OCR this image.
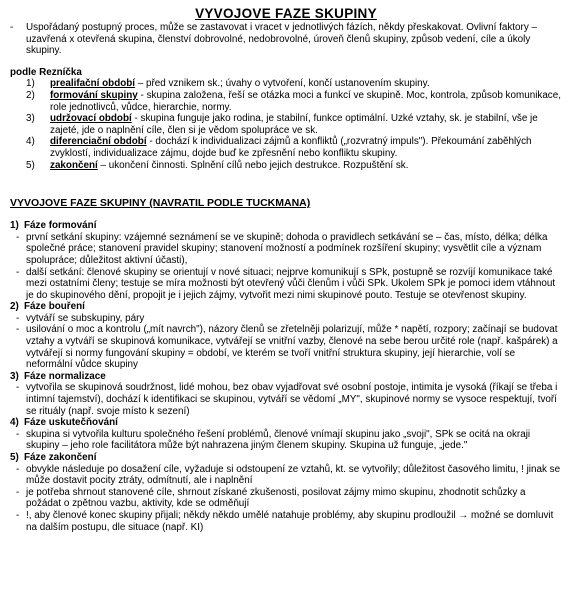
VYVOJOVE FAZE SKUPINY
-	Uspořádaný postupný proces, může se zastavovat i vracet v jednotlivých fázích, někdy přeskakovat. Ovlivní faktory – uzavřená x otevřená skupina, členství dobrovolné, nedobrovolné, úroveň členů skupiny, způsob vedení, cíle a úkoly skupiny.
podle Rezníčka
1)	prealifační období – před vznikem sk.; úvahy o vytvoření, končí ustanovením skupiny.
2)	formování skupiny - skupina založena, řeší se otázka moci a funkcí ve skupině. Moc, kontrola, způsob komunikace, role jednotlivců, vůdce, hierarchie, normy.
3)	udržovací období - skupina funguje jako rodina, je stabilní, funkce optimální. Uzké vztahy, sk. je stabilní, vše je zajeté, jde o naplnění cíle, člen si je vědom spolupráce ve sk.
4)	diferenciační období - dochází k individualizaci zájmů a konfliktů („rozvratný impuls"). Překoumání zaběhlých zvyklostí, individualizace zájmu, dojde buď ke zpřesnění nebo konfliktu skupiny.
5)	zakončení – ukončení činnosti. Splnění cílů nebo jejich destrukce. Rozpuštění sk.
VYVOJOVE FAZE SKUPINY (NAVRATIL PODLE TUCKMANA)
1) Fáze formování
- první setkání skupiny: vzájemné seznámení se ve skupině; dohoda o pravidlech setkávání se – čas, místo, délka; délka společné práce; stanovení pravidel skupiny; stanovení možností a podmínek rozšíření skupiny; vysvětlit cíle a význam spolupráce; důležitost aktivní účasti),
- další setkání: členové skupiny se orientují v nové situaci; nejprve komunikují s SPk, postupně se rozvíjí komunikace také mezi ostatními členy; testuje se míra možnosti být otevřený vůči členům i vůči SPk. Ukolem SPk je pomoci idem vtáhnout je do skupinového dění, propojit je i jejich zájmy, vytvořit mezi nimi skupinové pouto. Testuje se otevřenost skupiny.
2) Fáze bouření
- vytváří se subskupiny, páry
- usilování o moc a kontrolu („mít navrch"), názory členů se zřetelněji polarizují, může * napětí, rozpory; začínají se budovat vztahy a vytváří se skupinová komunikace, vytvářejí se vnitřní vazby, členové na sebe berou určité role (např. kašpárek) a vytvářejí si normy fungování skupiny = období, ve kterém se tvoří vnitřní struktura skupiny, její hierarchie, volí se neformální vůdce skupiny
3) Fáze normalizace
- vytvořila se skupinová soudržnost, lidé mohou, bez obav vyjadřovat své osobní postoje, intimita je vysoká (říkají se třeba i intimní tajemství), dochází k identifikaci se skupinou, vytváří se vědomí „MY", skupinové normy se vysoce respektují, tvoří se rituály (např. svoje místo k sezení)
4) Fáze uskutečňování
- skupina si vytvořila kulturu společného řešení problémů, členové vnímají skupinu jako „svoji", SPk se ocitá na okraji skupiny – jeho role facilitátora může být nahrazena jiným členem skupiny. Skupina už funguje, „jede."
5) Fáze zakončení
- obvykle následuje po dosažení cíle, vyžaduje si odstoupení ze vztahů, kt. se vytvořily; důležitost časového limitu, ! jinak se může dostavit pocity ztráty, odmítnutí, ale i naplnění
- je potřeba shrnout stanovené cíle, shrnout získané zkušenosti, posilovat zájmy mimo skupinu, zhodnotit schůzky a požádat o zpětnou vazbu, aktivity, kde se odměňují
- !, aby členové konec skupiny přijali; někdy někdo umělé natahuje problémy, aby skupinu prodloužil → možné se domluvit na dalším postupu, dle situace (např. KI)
